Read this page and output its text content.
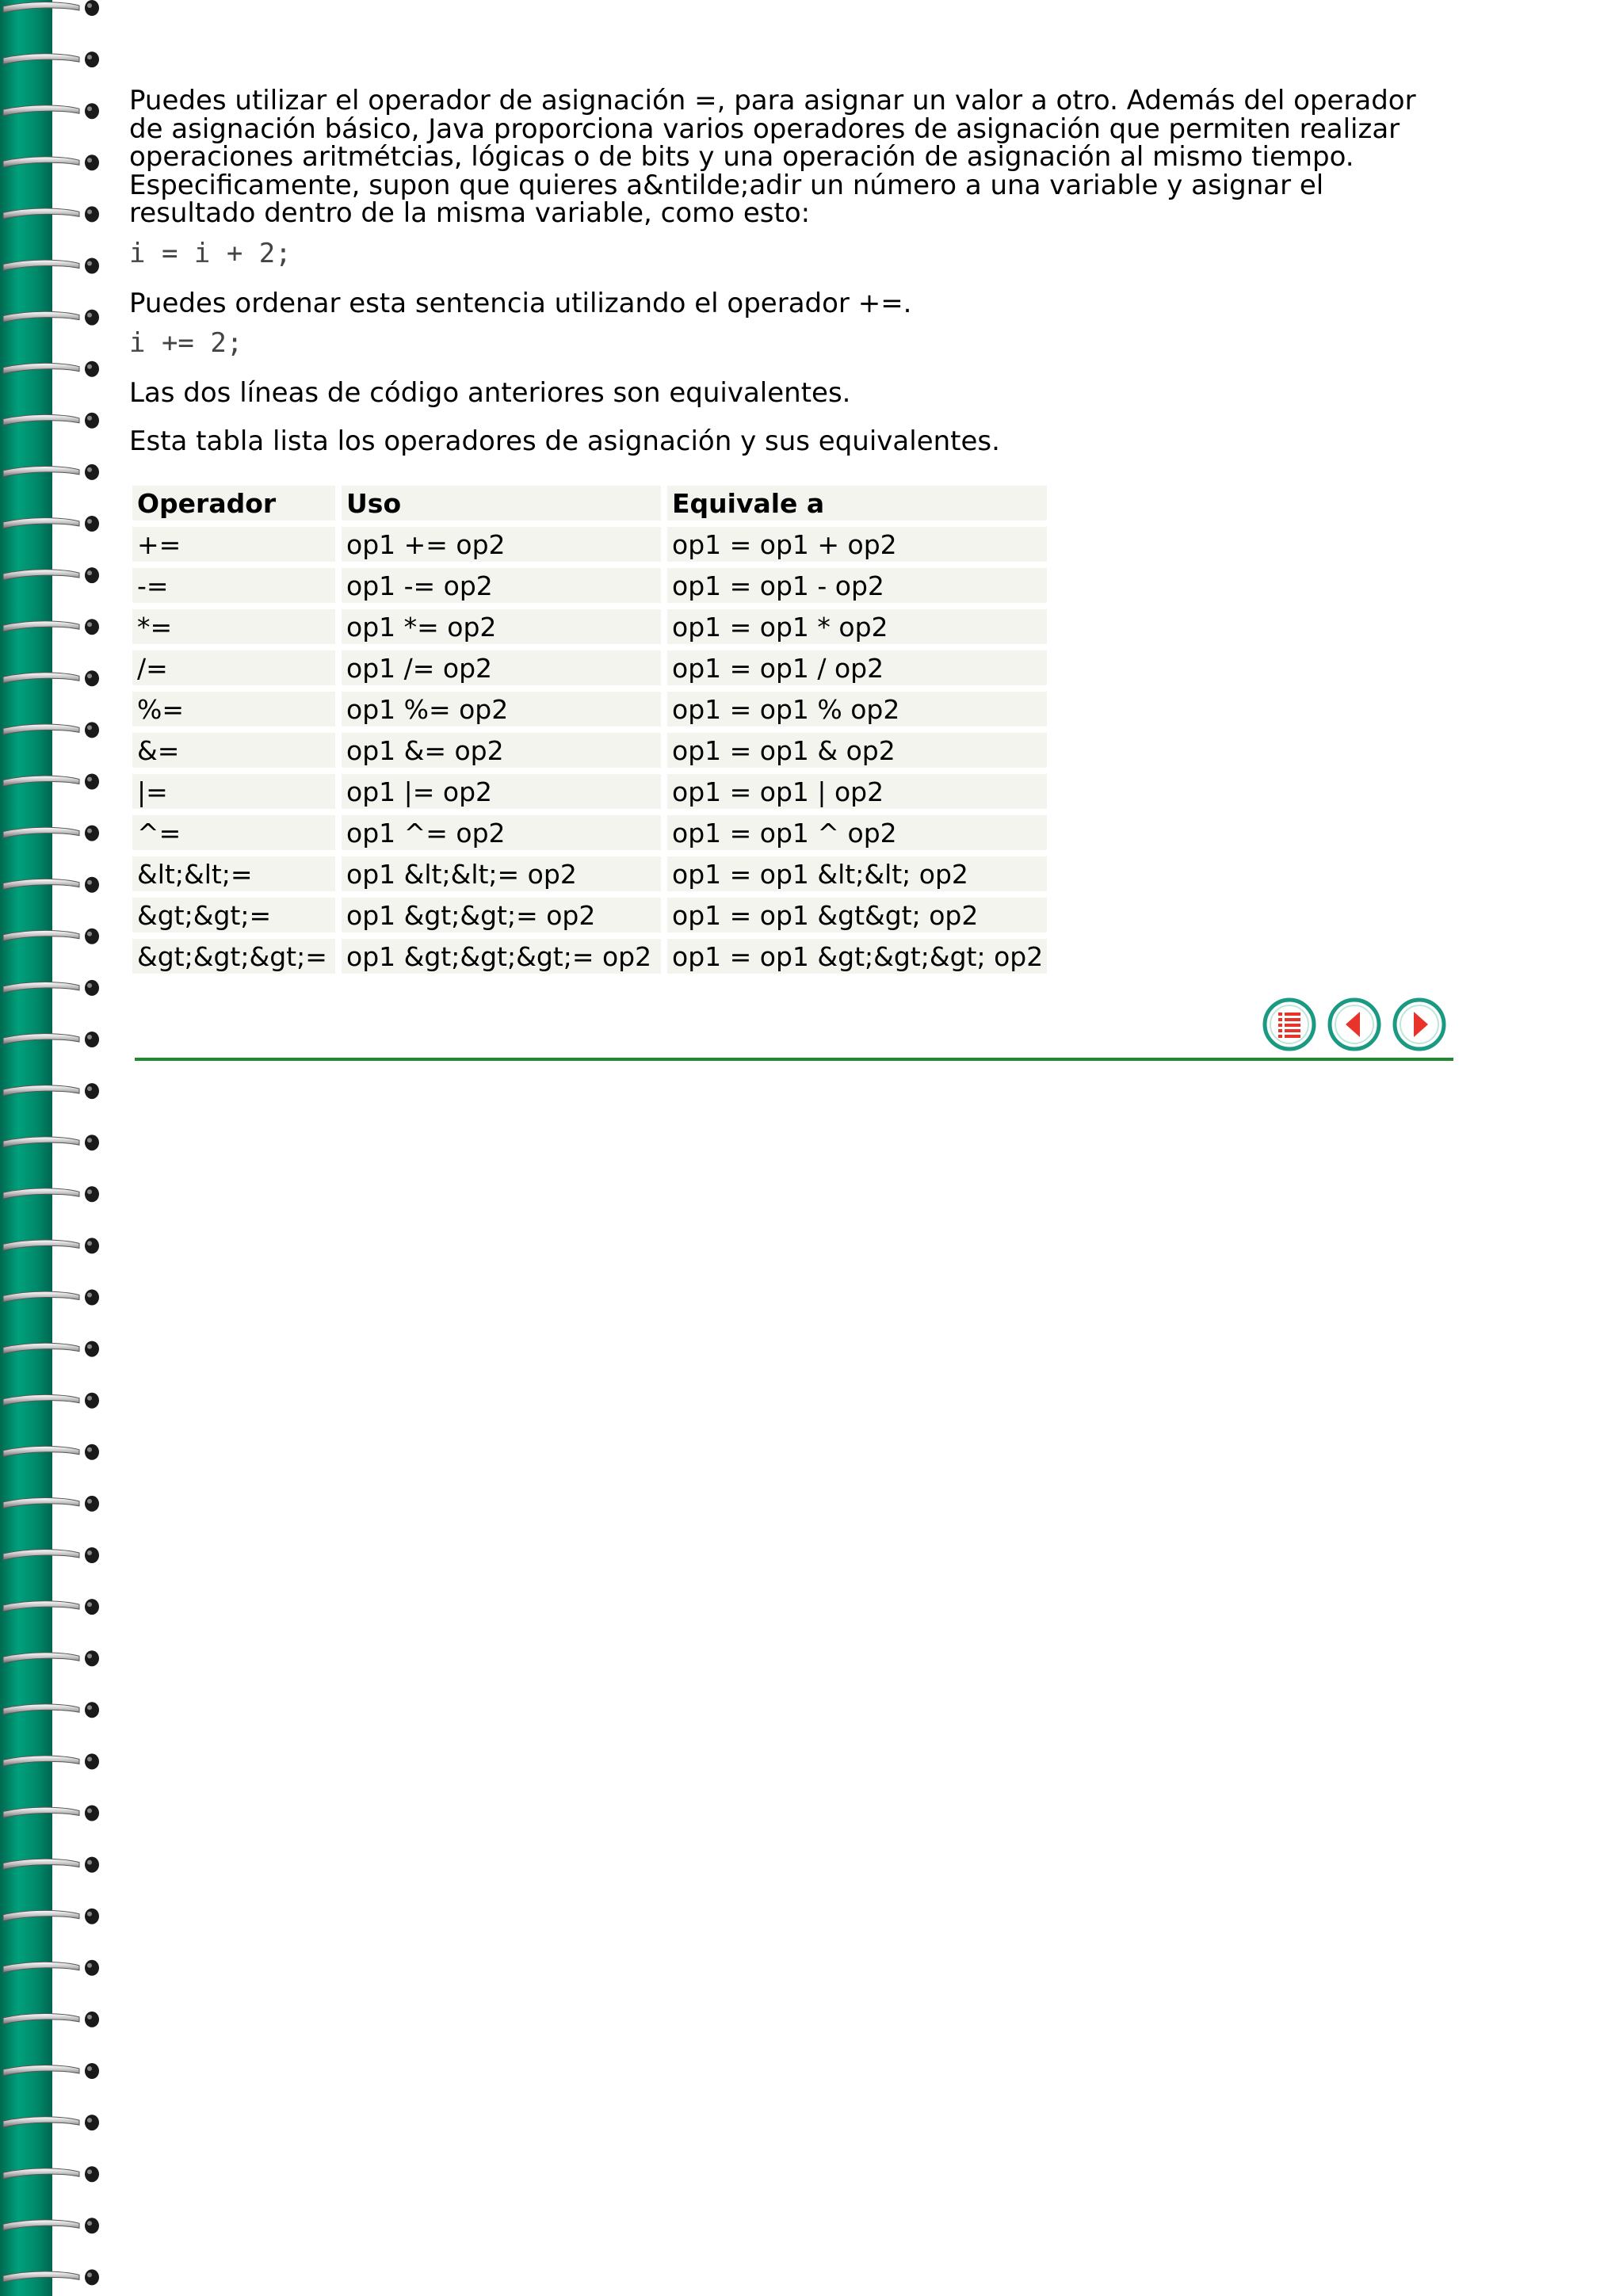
Puedes utilizar el operador de asignación =, para asignar un valor a otro. Además del operador de asignación básico, Java proporciona varios operadores de asignación que permiten realizar operaciones aritmétcias, lógicas o de bits y una operación de asignación al mismo tiempo. Especificamente, supon que quieres a&ntilde;adir un número a una variable y asignar el resultado dentro de la misma variable, como esto:

i = i + 2;

Puedes ordenar esta sentencia utilizando el operador +=.

i += 2;

Las dos líneas de código anteriores son equivalentes.

Esta tabla lista los operadores de asignación y sus equivalentes.

Operador	Uso	Equivale a
+=	op1 += op2	op1 = op1 + op2
-=	op1 -= op2	op1 = op1 - op2
*=	op1 *= op2	op1 = op1 * op2
/=	op1 /= op2	op1 = op1 / op2
%=	op1 %= op2	op1 = op1 % op2
&=	op1 &= op2	op1 = op1 & op2
|=	op1 |= op2	op1 = op1 | op2
^=	op1 ^= op2	op1 = op1 ^ op2
&lt;&lt;=	op1 &lt;&lt;= op2	op1 = op1 &lt;&lt; op2
&gt;&gt;=	op1 &gt;&gt;= op2	op1 = op1 &gt&gt; op2
&gt;&gt;&gt;=	op1 &gt;&gt;&gt;= op2	op1 = op1 &gt;&gt;&gt; op2
